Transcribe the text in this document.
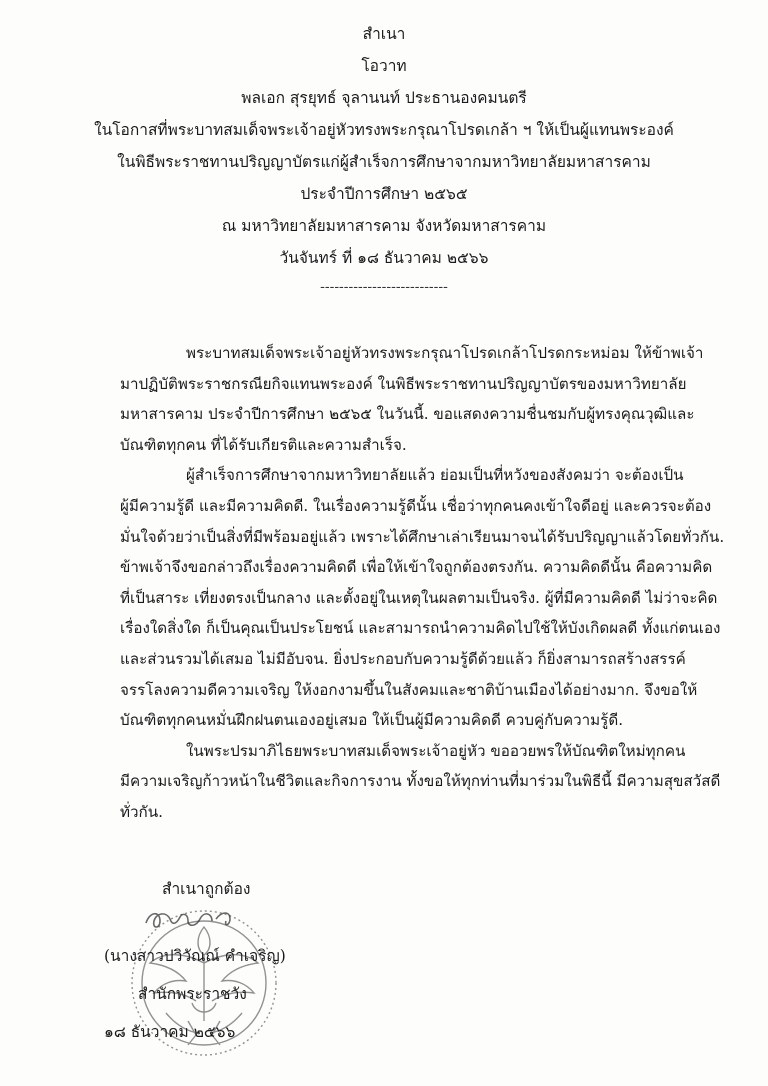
สำเนา
โอวาท
พลเอก สุรยุทธ์ จุลานนท์ ประธานองคมนตรี
ในโอกาสที่พระบาทสมเด็จพระเจ้าอยู่หัวทรงพระกรุณาโปรดเกล้า ฯ ให้เป็นผู้แทนพระองค์
ในพิธีพระราชทานปริญญาบัตรแก่ผู้สำเร็จการศึกษาจากมหาวิทยาลัยมหาสารคาม
ประจำปีการศึกษา ๒๕๖๕
ณ มหาวิทยาลัยมหาสารคาม จังหวัดมหาสารคาม
วันจันทร์ ที่ ๑๘ ธันวาคม ๒๕๖๖
---------------------------
พระบาทสมเด็จพระเจ้าอยู่หัวทรงพระกรุณาโปรดเกล้าโปรดกระหม่อม ให้ข้าพเจ้า
มาปฏิบัติพระราชกรณียกิจแทนพระองค์ ในพิธีพระราชทานปริญญาบัตรของมหาวิทยาลัย
มหาสารคาม ประจำปีการศึกษา ๒๕๖๕ ในวันนี้. ขอแสดงความชื่นชมกับผู้ทรงคุณวุฒิและ
บัณฑิตทุกคน ที่ได้รับเกียรติและความสำเร็จ.
ผู้สำเร็จการศึกษาจากมหาวิทยาลัยแล้ว ย่อมเป็นที่หวังของสังคมว่า จะต้องเป็น
ผู้มีความรู้ดี และมีความคิดดี. ในเรื่องความรู้ดีนั้น เชื่อว่าทุกคนคงเข้าใจดีอยู่ และควรจะต้อง
มั่นใจด้วยว่าเป็นสิ่งที่มีพร้อมอยู่แล้ว เพราะได้ศึกษาเล่าเรียนมาจนได้รับปริญญาแล้วโดยทั่วกัน.
ข้าพเจ้าจึงขอกล่าวถึงเรื่องความคิดดี เพื่อให้เข้าใจถูกต้องตรงกัน. ความคิดดีนั้น คือความคิด
ที่เป็นสาระ เที่ยงตรงเป็นกลาง และตั้งอยู่ในเหตุในผลตามเป็นจริง. ผู้ที่มีความคิดดี ไม่ว่าจะคิด
เรื่องใดสิ่งใด ก็เป็นคุณเป็นประโยชน์ และสามารถนำความคิดไปใช้ให้บังเกิดผลดี ทั้งแก่ตนเอง
และส่วนรวมได้เสมอ ไม่มีอับจน. ยิ่งประกอบกับความรู้ดีด้วยแล้ว ก็ยิ่งสามารถสร้างสรรค์
จรรโลงความดีความเจริญ ให้งอกงามขึ้นในสังคมและชาติบ้านเมืองได้อย่างมาก. จึงขอให้
บัณฑิตทุกคนหมั่นฝึกฝนตนเองอยู่เสมอ ให้เป็นผู้มีความคิดดี ควบคู่กับความรู้ดี.
ในพระปรมาภิไธยพระบาทสมเด็จพระเจ้าอยู่หัว ขออวยพรให้บัณฑิตใหม่ทุกคน
มีความเจริญก้าวหน้าในชีวิตและกิจการงาน ทั้งขอให้ทุกท่านที่มาร่วมในพิธีนี้ มีความสุขสวัสดี
ทั่วกัน.
สำเนาถูกต้อง
(นางสาวปวิวัณณ์ คำเจริญ)
สำนักพระราชวัง
๑๘ ธันวาคม ๒๕๖๖
